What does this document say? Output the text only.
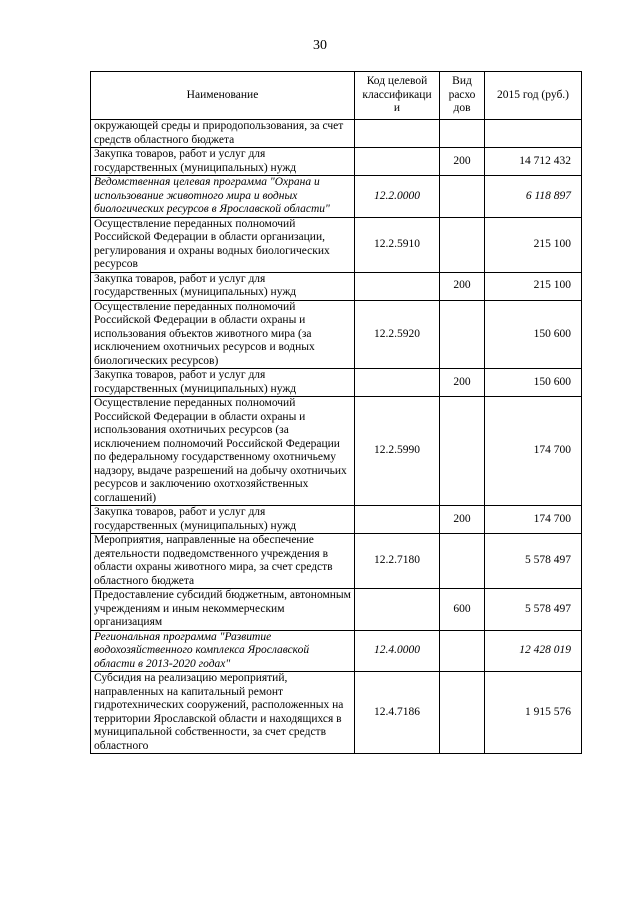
30
Наименование	Код целевой классификаци и	Вид расхо дов	2015 год (руб.)
окружающей среды и природопользования, за счет средств областного бюджета			
Закупка товаров, работ и услуг для государственных (муниципальных) нужд		200	14 712 432
Ведомственная целевая программа "Охрана и использование животного мира и водных биологических ресурсов в Ярославской области"	12.2.0000		6 118 897
Осуществление переданных полномочий Российской Федерации в области организации, регулирования и охраны водных биологических ресурсов	12.2.5910		215 100
Закупка товаров, работ и услуг для государственных (муниципальных) нужд		200	215 100
Осуществление переданных полномочий Российской Федерации в области охраны и использования объектов животного мира (за исключением охотничьих ресурсов и водных биологических ресурсов)	12.2.5920		150 600
Закупка товаров, работ и услуг для государственных (муниципальных) нужд		200	150 600
Осуществление переданных полномочий Российской Федерации в области охраны и использования охотничьих ресурсов (за исключением полномочий Российской Федерации по федеральному государственному охотничьему надзору, выдаче разрешений на добычу охотничьих ресурсов и заключению охотхозяйственных соглашений)	12.2.5990		174 700
Закупка товаров, работ и услуг для государственных (муниципальных) нужд		200	174 700
Мероприятия, направленные на обеспечение деятельности подведомственного учреждения в области охраны животного мира, за счет средств областного бюджета	12.2.7180		5 578 497
Предоставление субсидий бюджетным, автономным учреждениям и иным некоммерческим организациям		600	5 578 497
Региональная программа "Развитие водохозяйственного комплекса Ярославской области в 2013-2020 годах"	12.4.0000		12 428 019
Субсидия на реализацию мероприятий, направленных на капитальный ремонт гидротехнических сооружений, расположенных на территории Ярославской области и находящихся в муниципальной собственности, за счет средств областного	12.4.7186		1 915 576
